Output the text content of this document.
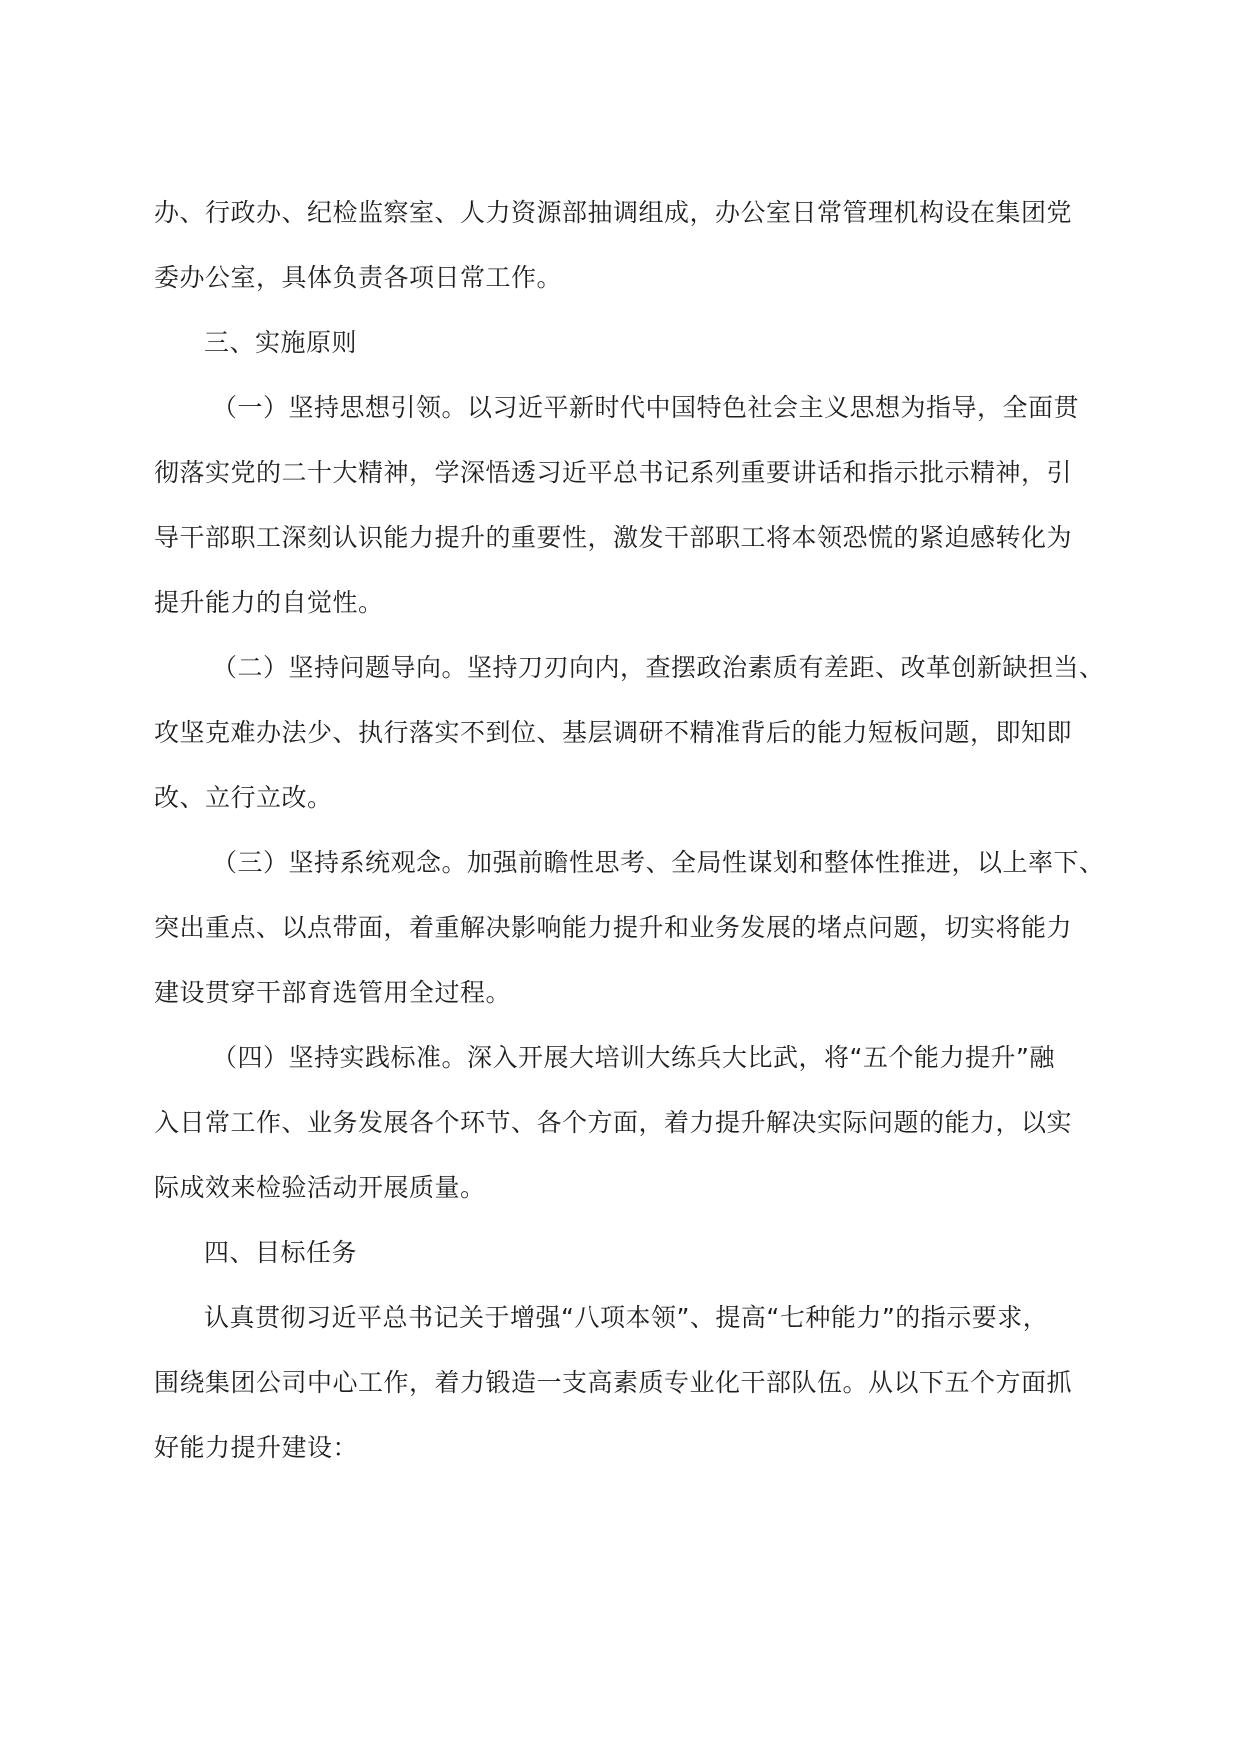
办、行政办、纪检监察室、人力资源部抽调组成，办公室日常管理机构设在集团党
委办公室，具体负责各项日常工作。
三、实施原则
（一）坚持思想引领。以习近平新时代中国特色社会主义思想为指导，全面贯
彻落实党的二十大精神，学深悟透习近平总书记系列重要讲话和指示批示精神，引
导干部职工深刻认识能力提升的重要性，激发干部职工将本领恐慌的紧迫感转化为
提升能力的自觉性。
（二）坚持问题导向。坚持刀刃向内，查摆政治素质有差距、改革创新缺担当、
攻坚克难办法少、执行落实不到位、基层调研不精准背后的能力短板问题，即知即
改、立行立改。
（三）坚持系统观念。加强前瞻性思考、全局性谋划和整体性推进，以上率下、
突出重点、以点带面，着重解决影响能力提升和业务发展的堵点问题，切实将能力
建设贯穿干部育选管用全过程。
（四）坚持实践标准。深入开展大培训大练兵大比武，将“五个能力提升”融
入日常工作、业务发展各个环节、各个方面，着力提升解决实际问题的能力，以实
际成效来检验活动开展质量。
四、目标任务
认真贯彻习近平总书记关于增强“八项本领”、提高“七种能力”的指示要求，
围绕集团公司中心工作，着力锻造一支高素质专业化干部队伍。从以下五个方面抓
好能力提升建设：
